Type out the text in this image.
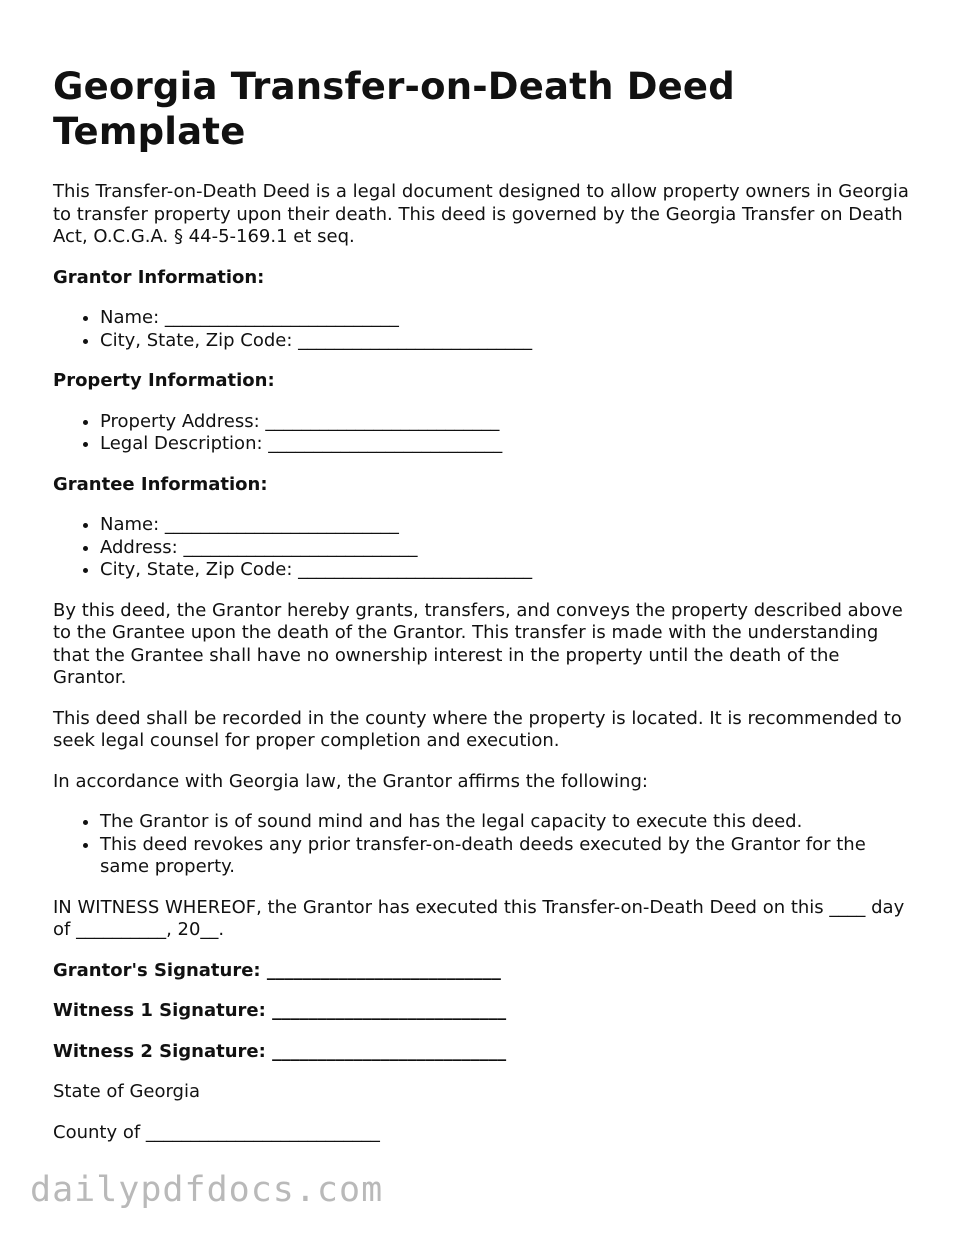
Georgia Transfer-on-Death Deed Template

This Transfer-on-Death Deed is a legal document designed to allow property owners in Georgia to transfer property upon their death. This deed is governed by the Georgia Transfer on Death Act, O.C.G.A. § 44-5-169.1 et seq.

Grantor Information:
• Name: __________________________
• City, State, Zip Code: __________________________
Property Information:
• Property Address: __________________________
• Legal Description: __________________________
Grantee Information:
• Name: __________________________
• Address: __________________________
• City, State, Zip Code: __________________________

By this deed, the Grantor hereby grants, transfers, and conveys the property described above to the Grantee upon the death of the Grantor. This transfer is made with the understanding that the Grantee shall have no ownership interest in the property until the death of the Grantor.

This deed shall be recorded in the county where the property is located. It is recommended to seek legal counsel for proper completion and execution.

In accordance with Georgia law, the Grantor affirms the following:

• The Grantor is of sound mind and has the legal capacity to execute this deed.
• This deed revokes any prior transfer-on-death deeds executed by the Grantor for the same property.

IN WITNESS WHEREOF, the Grantor has executed this Transfer-on-Death Deed on this ____ day of __________, 20__.

Grantor's Signature: __________________________
Witness 1 Signature: __________________________
Witness 2 Signature: __________________________

State of Georgia

County of __________________________

dailypdfdocs.com
